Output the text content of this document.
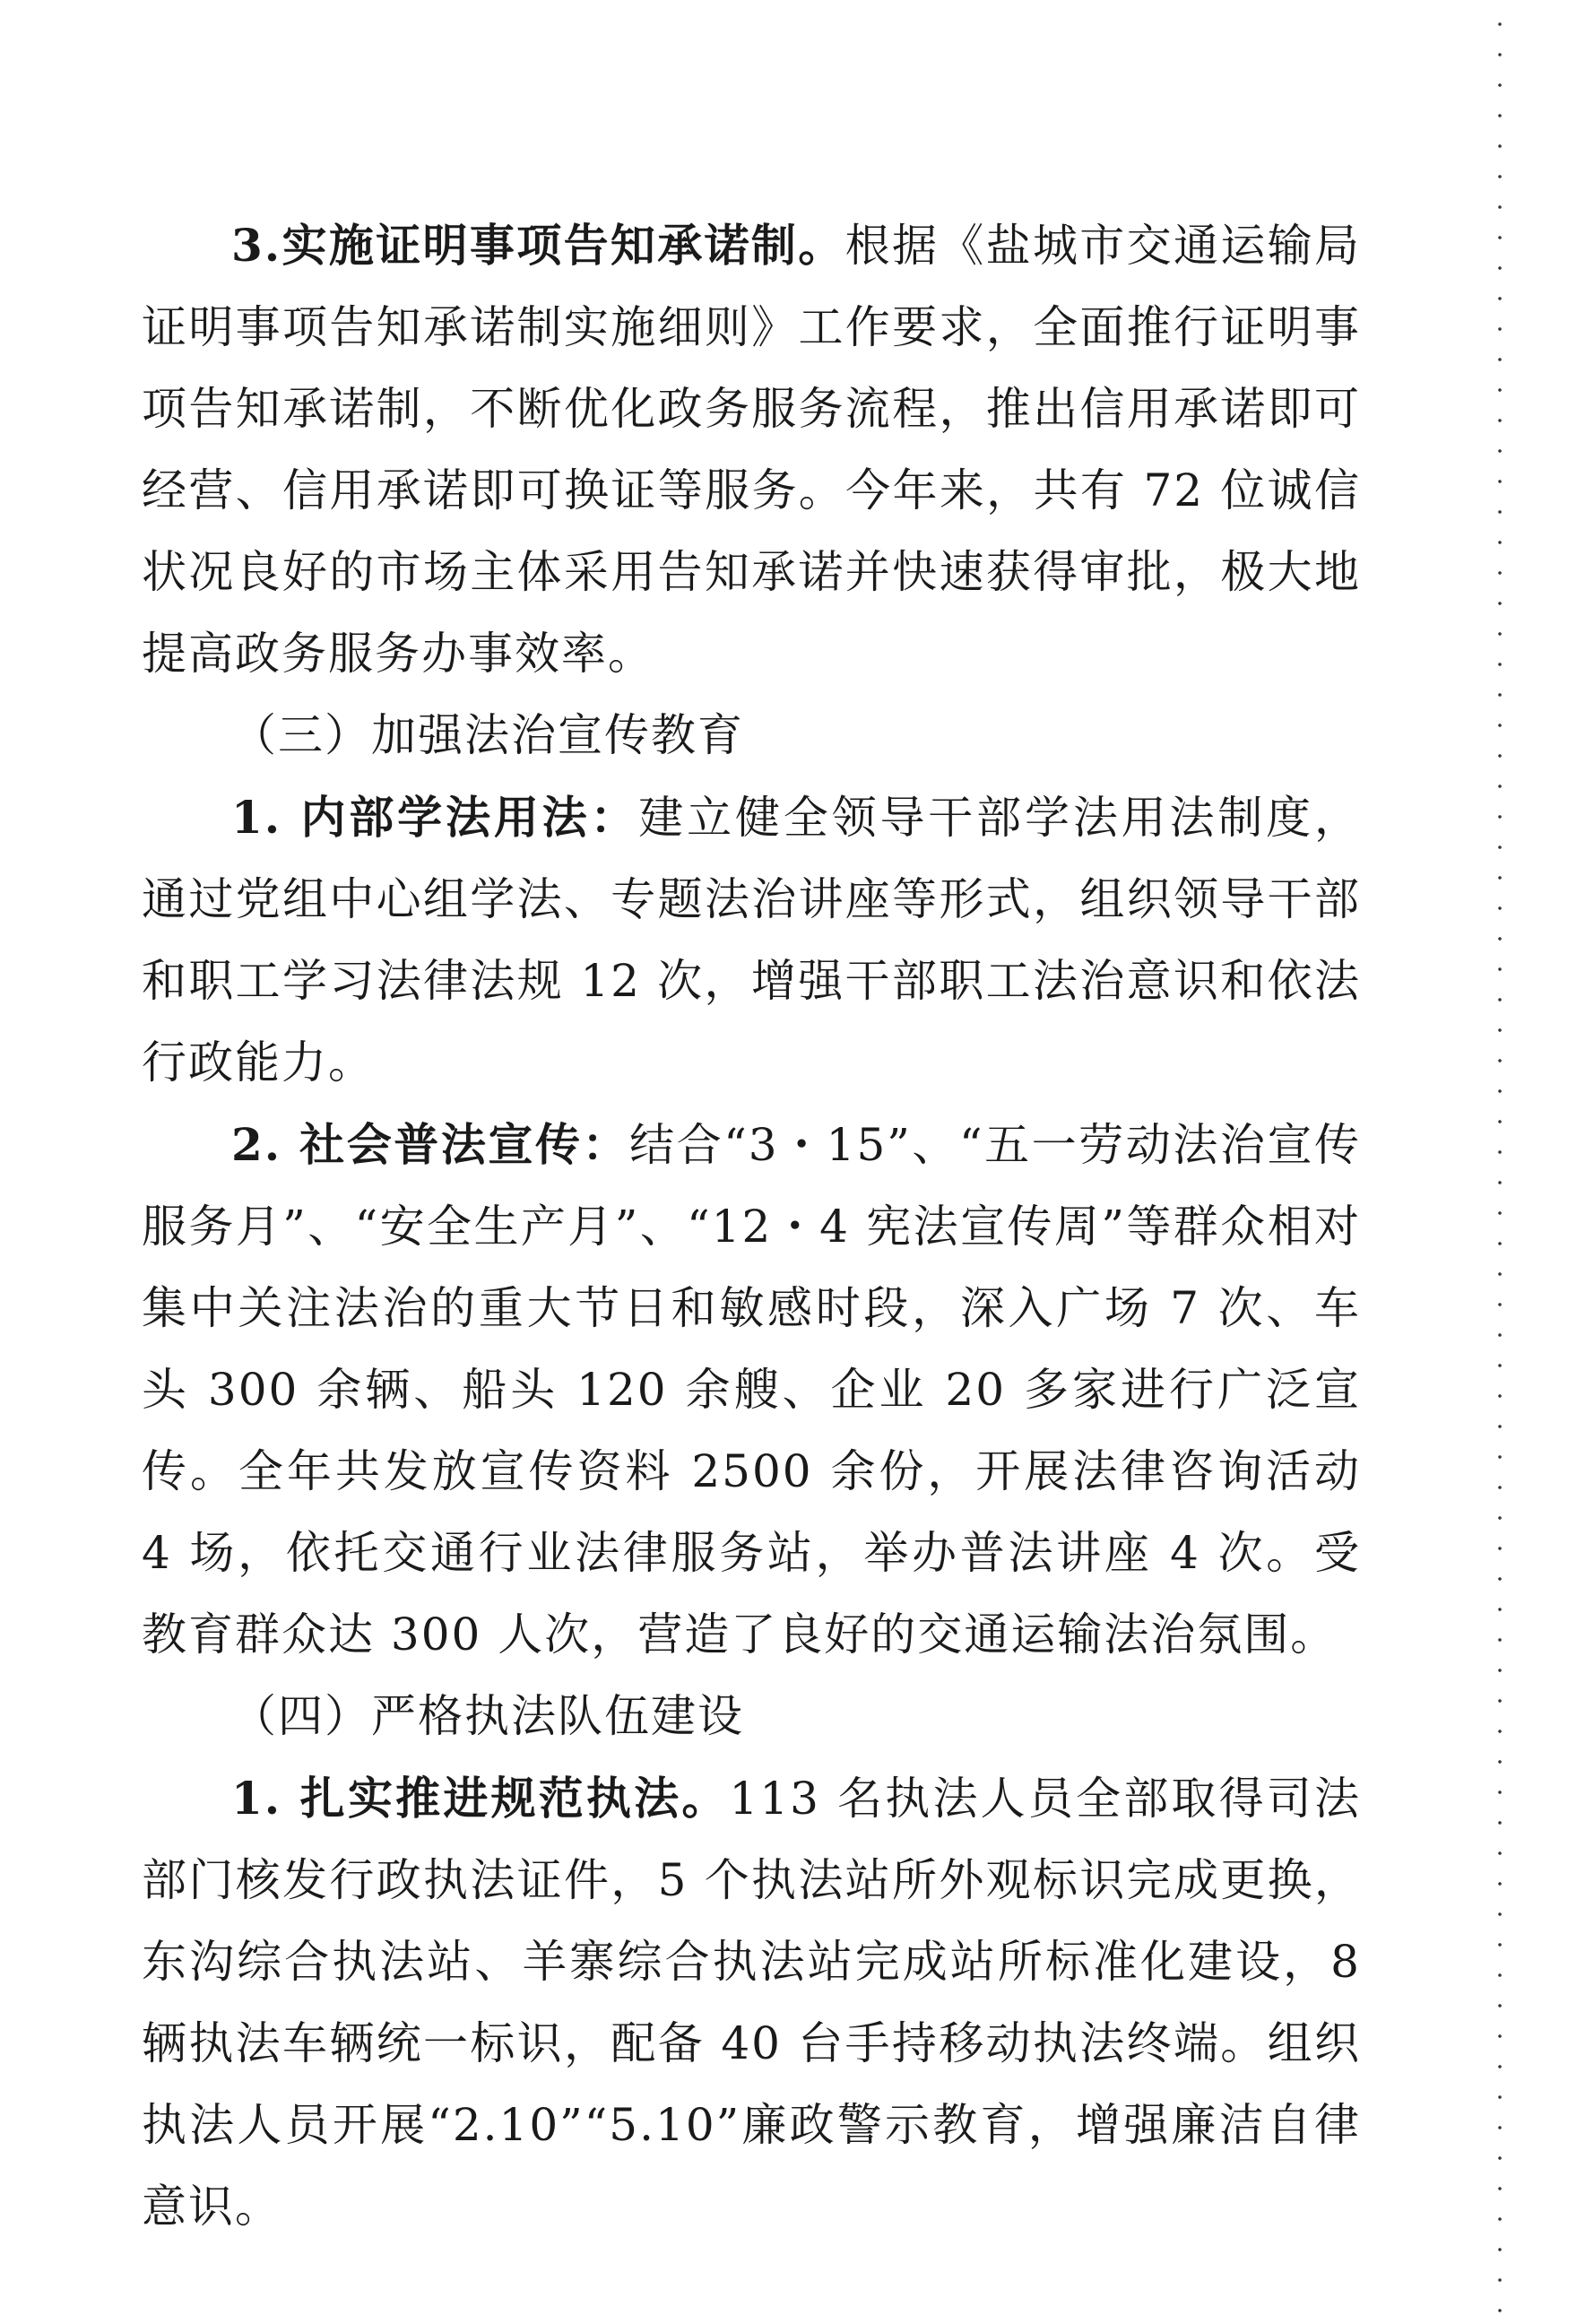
3.实施证明事项告知承诺制。根据《盐城市交通运输局证明事项告知承诺制实施细则》工作要求，全面推行证明事项告知承诺制，不断优化政务服务流程，推出信用承诺即可经营、信用承诺即可换证等服务。今年来，共有 72 位诚信状况良好的市场主体采用告知承诺并快速获得审批，极大地提高政务服务办事效率。

（三）加强法治宣传教育

1. 内部学法用法：建立健全领导干部学法用法制度，通过党组中心组学法、专题法治讲座等形式，组织领导干部和职工学习法律法规 12 次，增强干部职工法治意识和依法行政能力。

2. 社会普法宣传：结合“3・15”、“五一劳动法治宣传服务月”、“安全生产月”、“12・4 宪法宣传周”等群众相对集中关注法治的重大节日和敏感时段，深入广场 7 次、车头 300 余辆、船头 120 余艘、企业 20 多家进行广泛宣传。全年共发放宣传资料 2500 余份，开展法律咨询活动 4 场，依托交通行业法律服务站，举办普法讲座 4 次。受教育群众达 300 人次，营造了良好的交通运输法治氛围。

（四）严格执法队伍建设

1. 扎实推进规范执法。113 名执法人员全部取得司法部门核发行政执法证件，5 个执法站所外观标识完成更换，东沟综合执法站、羊寨综合执法站完成站所标准化建设，8 辆执法车辆统一标识，配备 40 台手持移动执法终端。组织执法人员开展“2.10”“5.10”廉政警示教育，增强廉洁自律意识。
